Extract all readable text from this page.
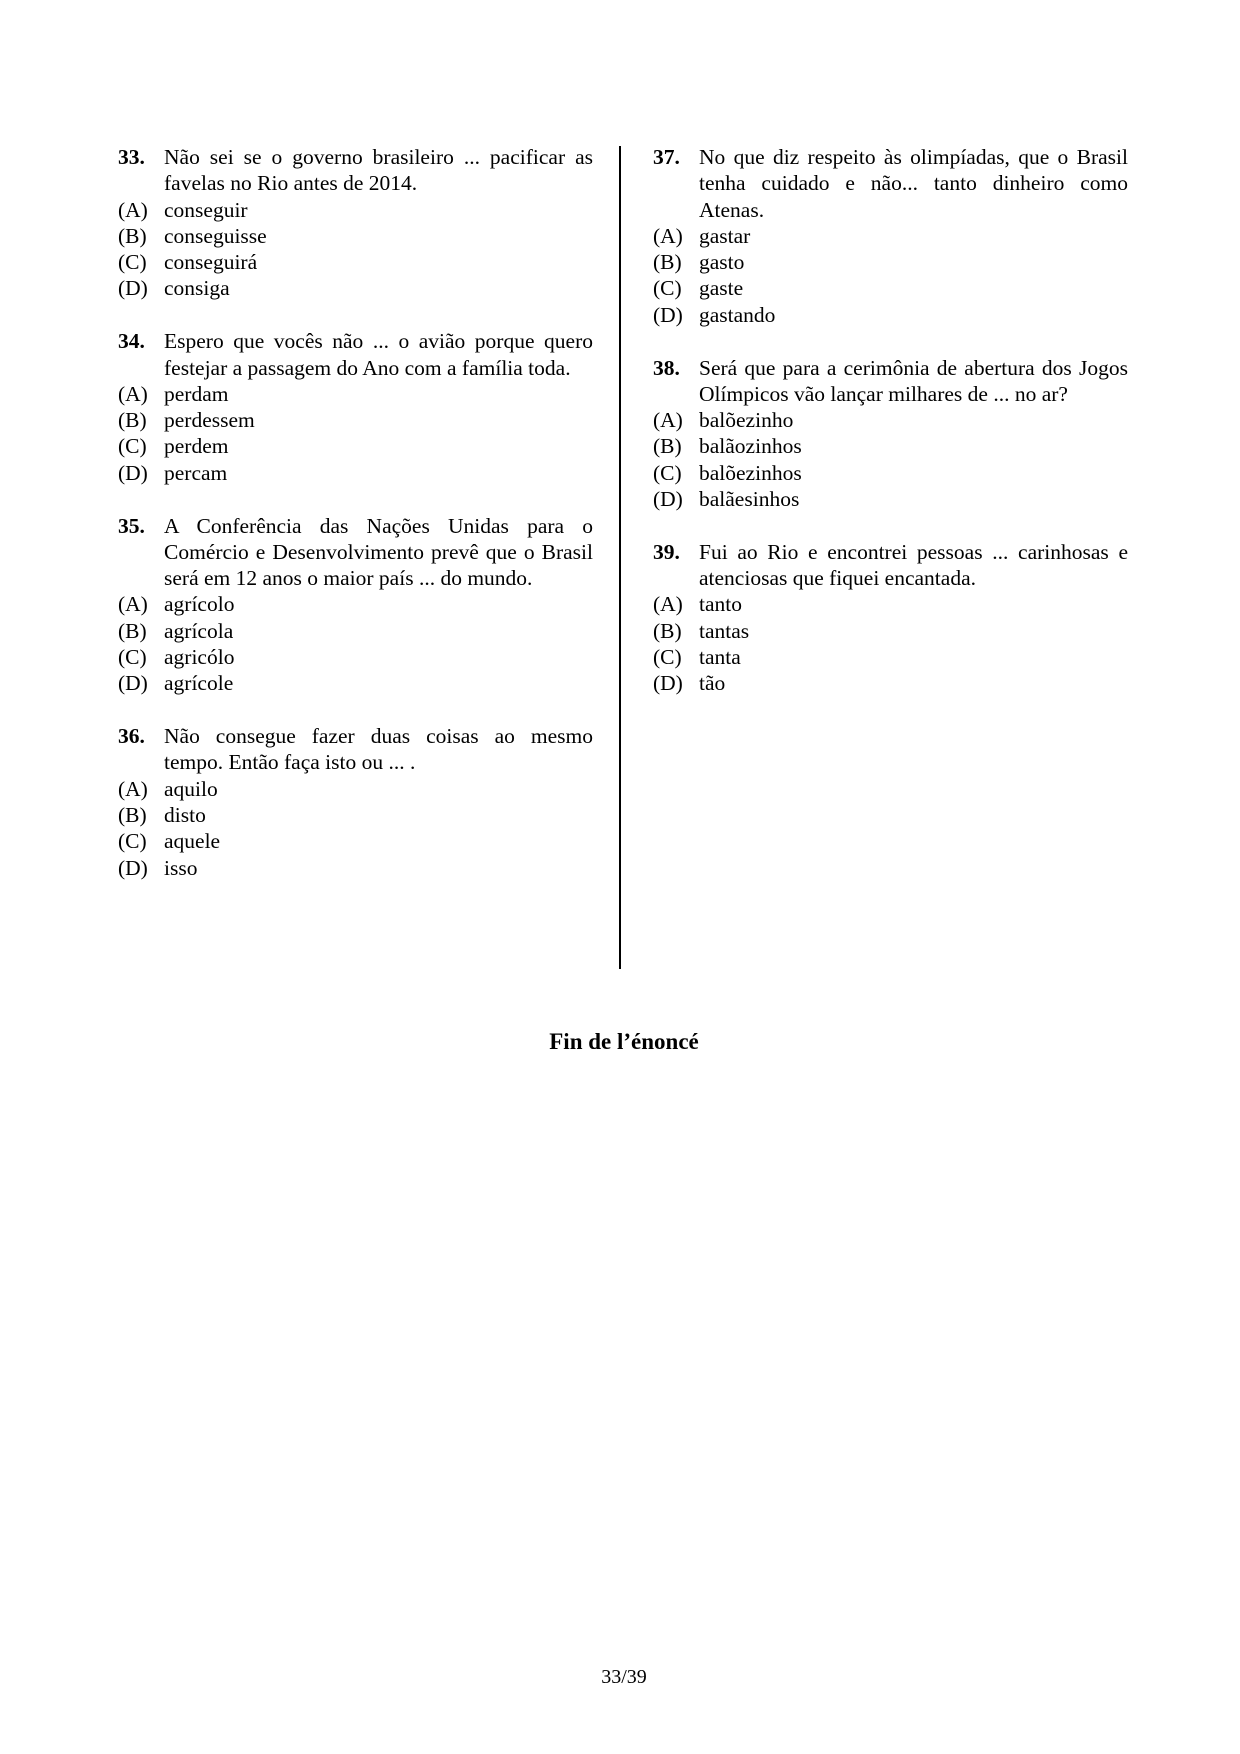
33. Não sei se o governo brasileiro ... pacificar as favelas no Rio antes de 2014.
(A) conseguir
(B) conseguisse
(C) conseguirá
(D) consiga
34. Espero que vocês não ... o avião porque quero festejar a passagem do Ano com a família toda.
(A) perdam
(B) perdessem
(C) perdem
(D) percam
35. A Conferência das Nações Unidas para o Comércio e Desenvolvimento prevê que o Brasil será em 12 anos o maior país ... do mundo.
(A) agrícolo
(B) agrícola
(C) agricólo
(D) agrícole
36. Não consegue fazer duas coisas ao mesmo tempo. Então faça isto ou ... .
(A) aquilo
(B) disto
(C) aquele
(D) isso
37. No que diz respeito às olimpíadas, que o Brasil tenha cuidado e não... tanto dinheiro como Atenas.
(A) gastar
(B) gasto
(C) gaste
(D) gastando
38. Será que para a cerimônia de abertura dos Jogos Olímpicos vão lançar milhares de ... no ar?
(A) balõezinho
(B) balãozinhos
(C) balõezinhos
(D) balãesinhos
39. Fui ao Rio e encontrei pessoas ... carinhosas e atenciosas que fiquei encantada.
(A) tanto
(B) tantas
(C) tanta
(D) tão
Fin de l’énoncé
33/39
